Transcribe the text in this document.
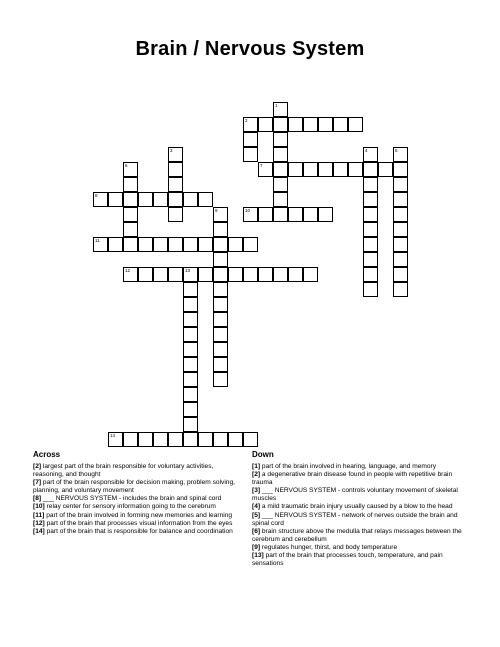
Brain / Nervous System
1
2
3	4	5
6	7
8
9	10
11
12	13
14
Across

[2] largest part of the brain responsible for voluntary activities, reasoning, and thought

[7] part of the brain responsible for decision making, problem solving, planning, and voluntary movement

[8] ___ NERVOUS SYSTEM - includes the brain and spinal cord

[10] relay center for sensory information going to the cerebrum

[11] part of the brain involved in forming new memories and learning

[12] part of the brain that processes visual information from the eyes

[14] part of the brain that is responsible for balance and coordination

Down

[1] part of the brain involved in hearing, language, and memory

[2] a degenerative brain disease found in people with repetitive brain trauma

[3] ___ NERVOUS SYSTEM - controls voluntary movement of skeletal muscles

[4] a mild traumatic brain injury usually caused by a blow to the head

[5] ___ NERVOUS SYSTEM - network of nerves outside the brain and spinal cord

[6] brain structure above the medulla that relays messages between the cerebrum and cerebellum

[9] regulates hunger, thirst, and body temperature

[13] part of the brain that processes touch, temperature, and pain sensations
